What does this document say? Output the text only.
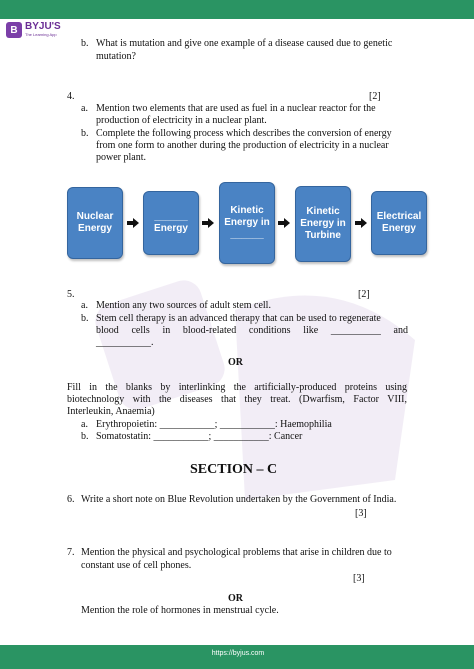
B BYJU'S
The Learning App
b. What is mutation and give one example of a disease caused due to genetic
mutation?
4.	[2]
a. Mention two elements that are used as fuel in a nuclear reactor for the
production of electricity in a nuclear plant.
b. Complete the following process which describes the conversion of energy
from one form to another during the production of electricity in a nuclear
power plant.
Nuclear
Energy
______
Energy
Kinetic
Energy in
______
Kinetic
Energy in
Turbine
Electrical
Energy
5.	[2]
a. Mention any two sources of adult stem cell.
b. Stem cell therapy is an advanced therapy that can be used to regenerate
blood cells in blood-related conditions like __________ and
___________.
OR
Fill in the blanks by interlinking the artificially-produced proteins using
biotechnology with the diseases that they treat. (Dwarfism, Factor VIII,
Interleukin, Anaemia)
a. Erythropoietin: ___________; ___________: Haemophilia
b. Somatostatin: ___________; ___________: Cancer
SECTION – C
6. Write a short note on Blue Revolution undertaken by the Government of India.
[3]
7. Mention the physical and psychological problems that arise in children due to
constant use of cell phones.
[3]
OR
Mention the role of hormones in menstrual cycle.
https://byjus.com
